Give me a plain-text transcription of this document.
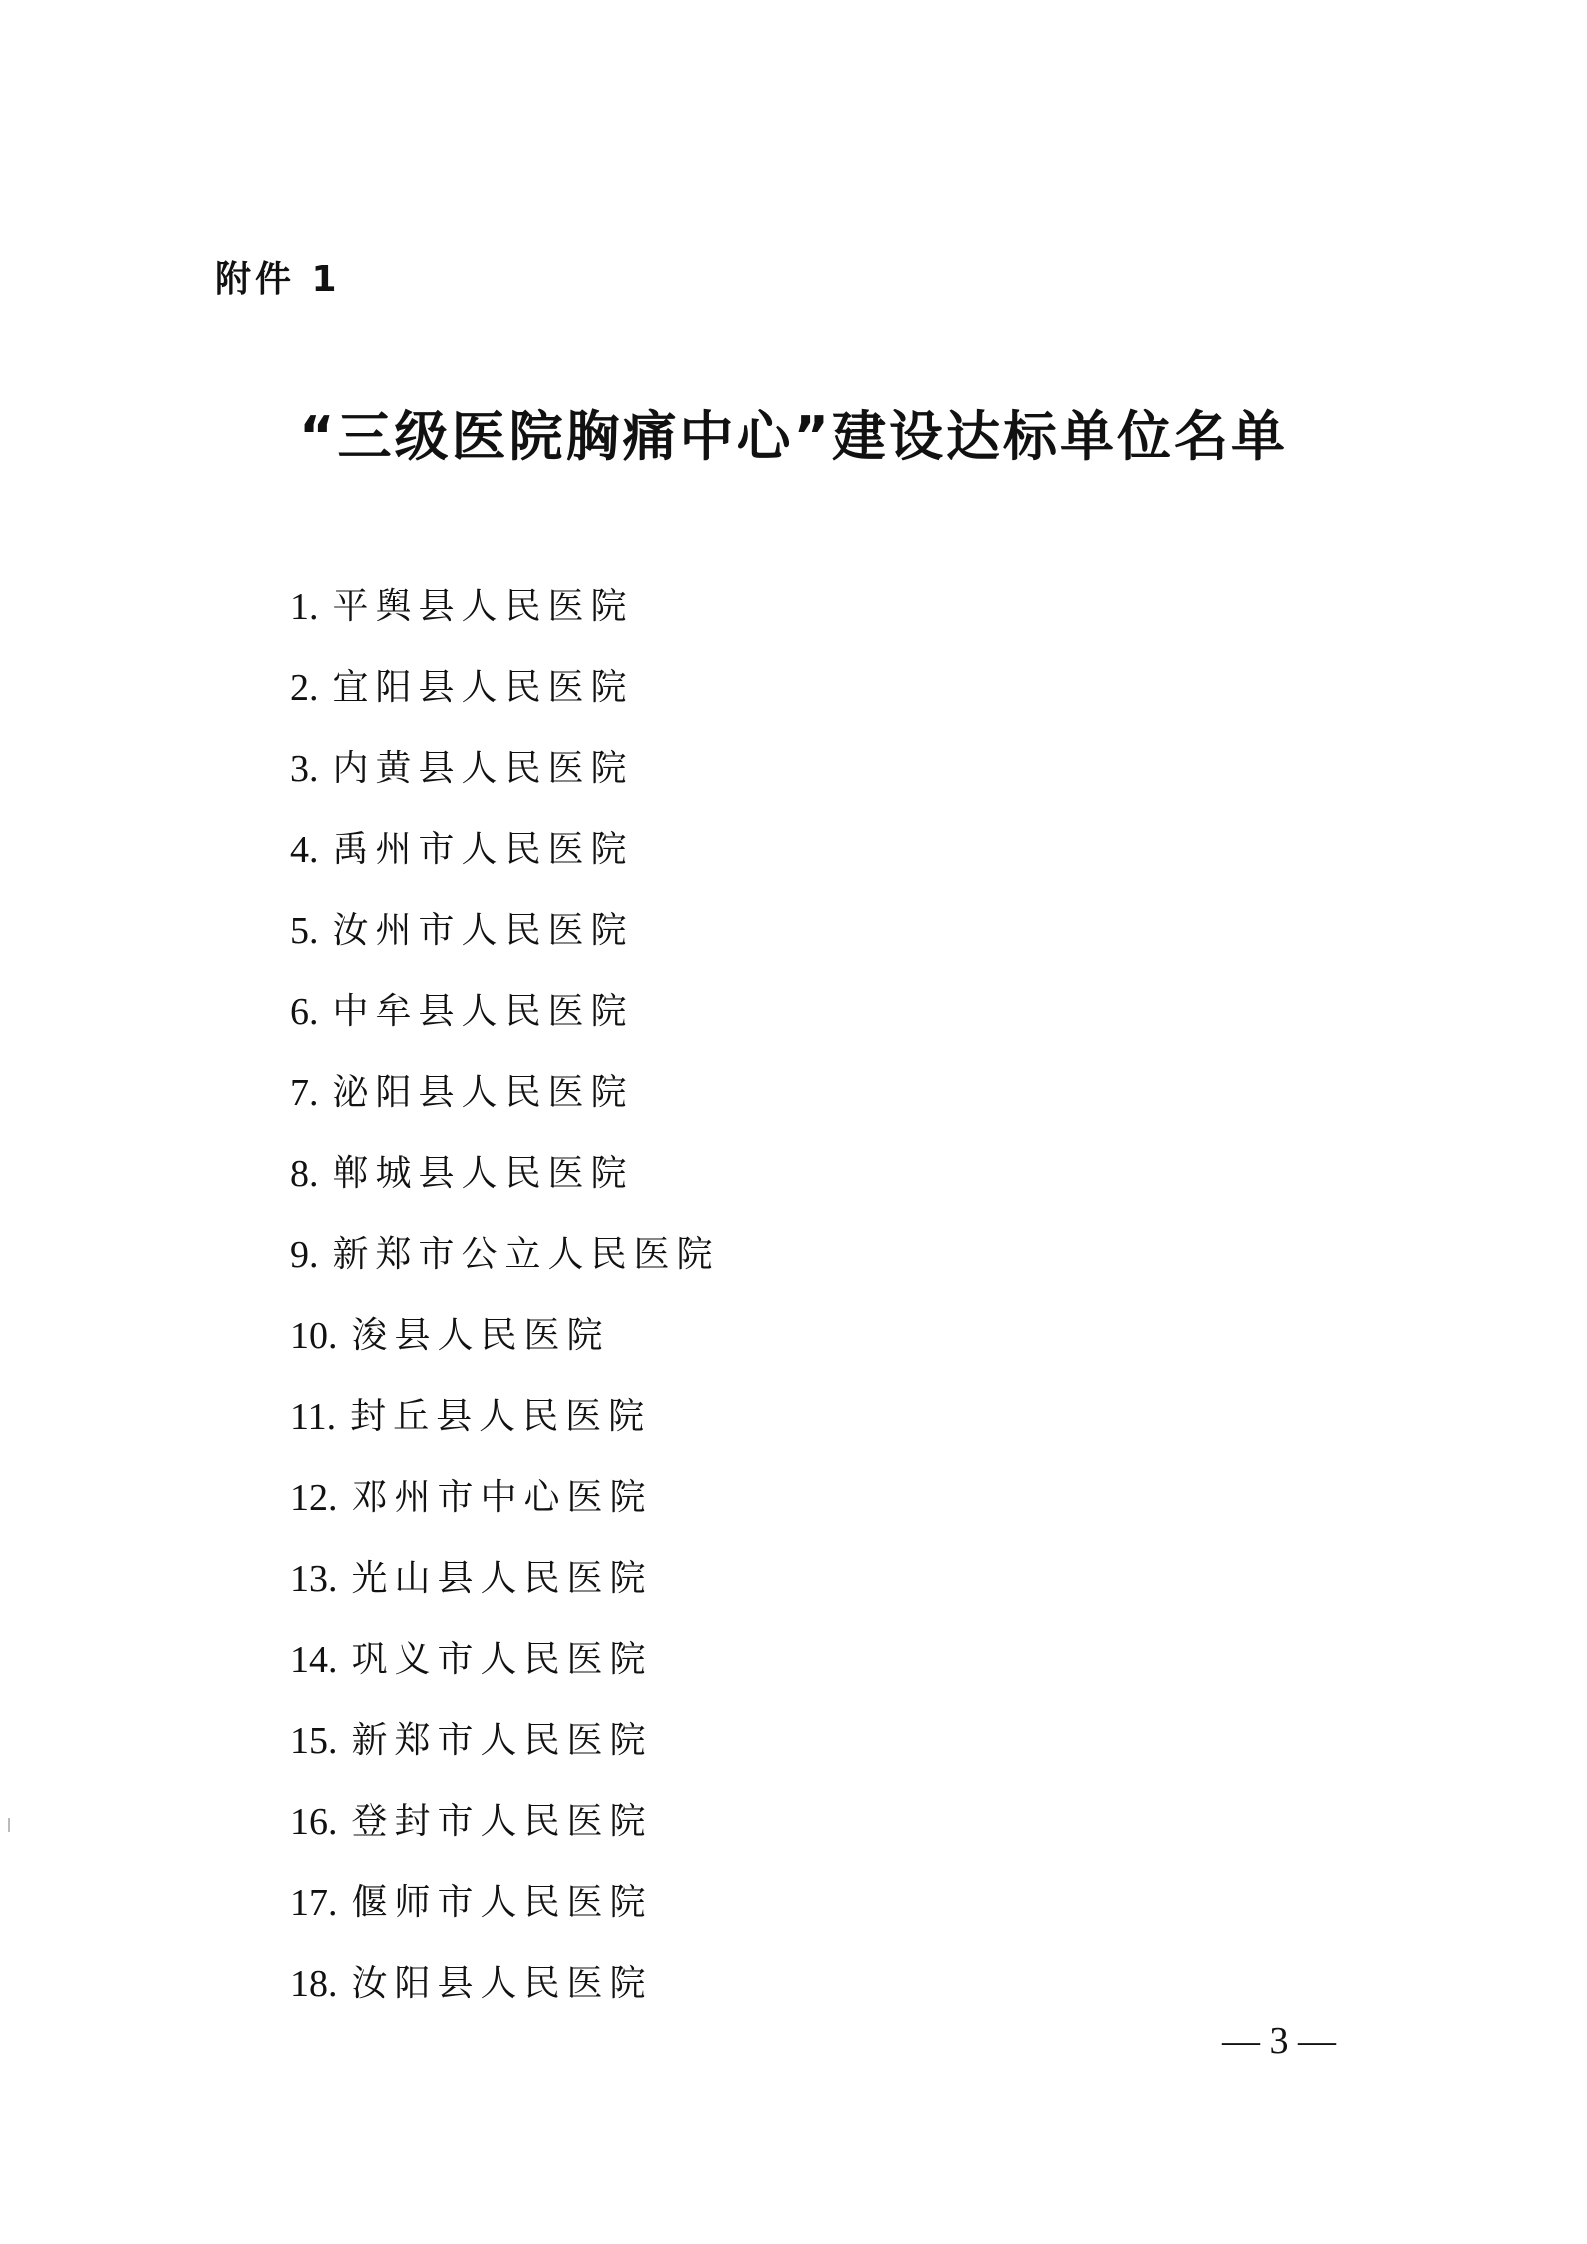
附件 1
“三级医院胸痛中心”建设达标单位名单
1. 平舆县人民医院
2. 宜阳县人民医院
3. 内黄县人民医院
4. 禹州市人民医院
5. 汝州市人民医院
6. 中牟县人民医院
7. 泌阳县人民医院
8. 郸城县人民医院
9. 新郑市公立人民医院
10. 浚县人民医院
11. 封丘县人民医院
12. 邓州市中心医院
13. 光山县人民医院
14. 巩义市人民医院
15. 新郑市人民医院
16. 登封市人民医院
17. 偃师市人民医院
18. 汝阳县人民医院
— 3 —
